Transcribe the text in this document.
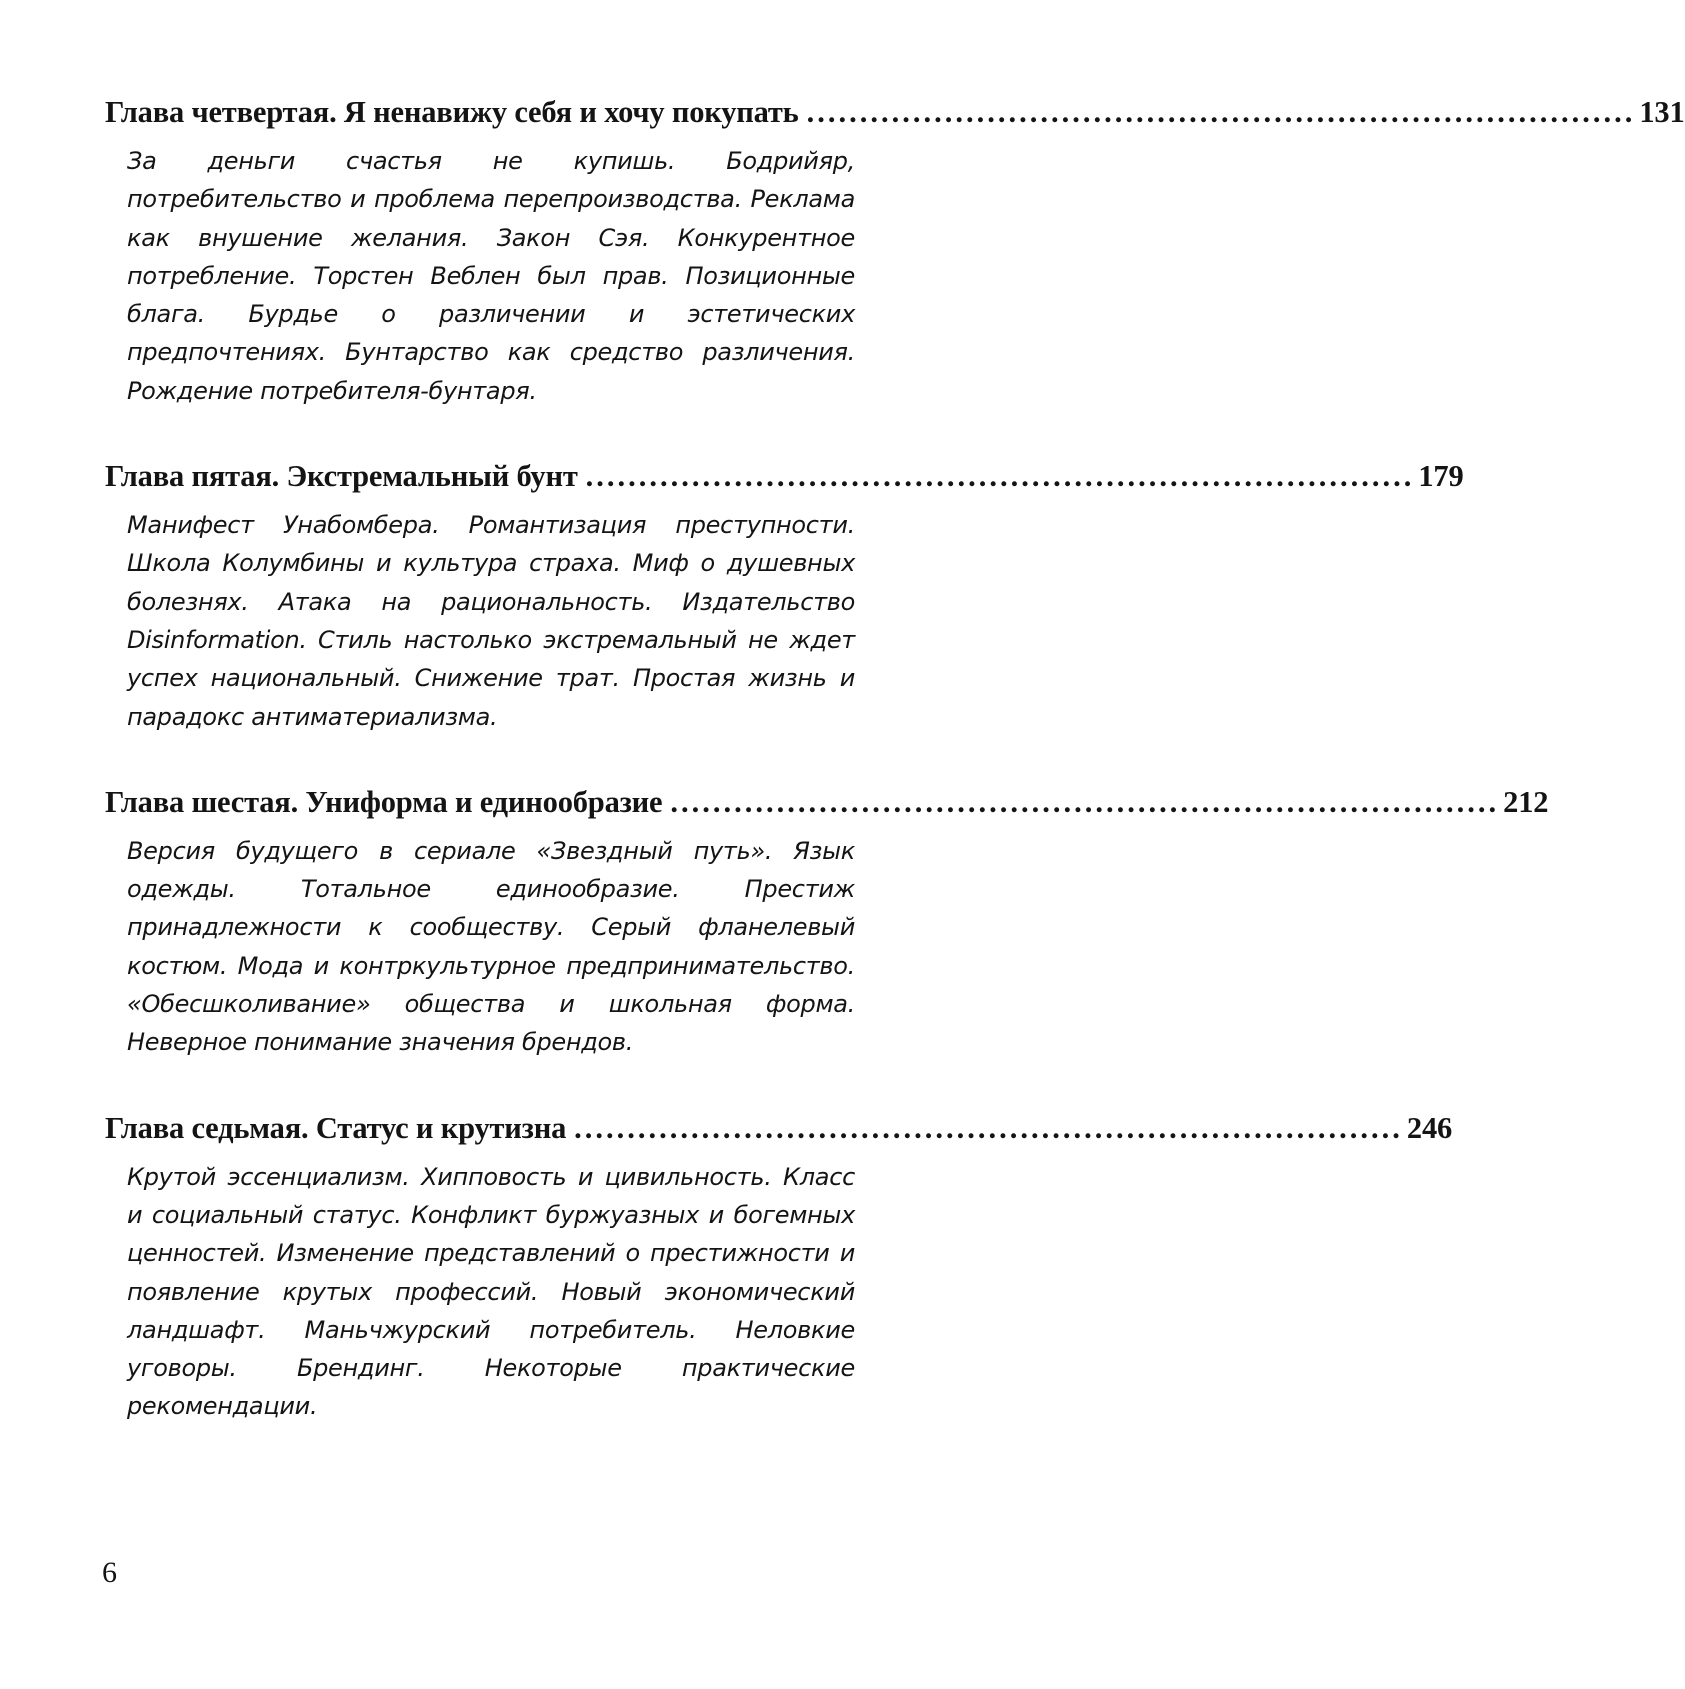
Глава четвертая. Я ненавижу себя и хочу покупать .............................................................................. 131
За деньги счастья не купишь. Бодрийяр, потребительство и проблема перепроизводства. Реклама как внушение желания. Закон Сэя. Конкурентное потребление. Торстен Веблен был прав. Позиционные блага. Бурдье о различении и эстетических предпочтениях. Бунтарство как средство различения. Рождение потребителя-бунтаря.
Глава пятая. Экстремальный бунт .............................................................................. 179
Манифест Унабомбера. Романтизация преступности. Школа Колумбины и культура страха. Миф о душевных болезнях. Атака на рациональность. Издательство Disinformation. Стиль настолько экстремальный не ждет успех национальный. Снижение трат. Простая жизнь и парадокс антиматериализма.
Глава шестая. Униформа и единообразие .............................................................................. 212
Версия будущего в сериале «Звездный путь». Язык одежды. Тотальное единообразие. Престиж принадлежности к сообществу. Серый фланелевый костюм. Мода и контркультурное предпринимательство. «Обесшколивание» общества и школьная форма. Неверное понимание значения брендов.
Глава седьмая. Статус и крутизна .............................................................................. 246
Крутой эссенциализм. Хипповость и цивильность. Класс и социальный статус. Конфликт буржуазных и богемных ценностей. Изменение представлений о престижности и появление крутых профессий. Новый экономический ландшафт. Маньчжурский потребитель. Неловкие уговоры. Брендинг. Некоторые практические рекомендации.
6
